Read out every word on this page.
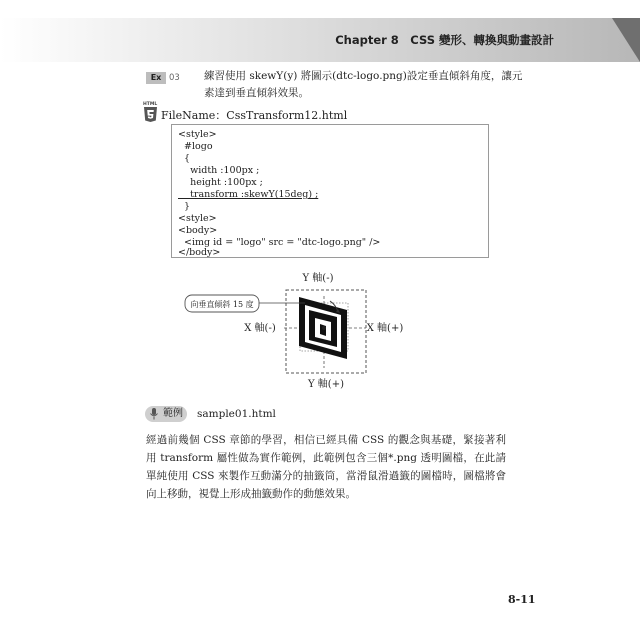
Chapter 8　CSS 變形、轉換與動畫設計
Ex 03 練習使用 skewY(y) 將圖示(dtc-logo.png)設定垂直傾斜角度，讓元素達到垂直傾斜效果。
HTML
FileName：CssTransform12.html
<style>
#logo
{
width :100px ;
height :100px ;
transform :skewY(15deg) ;
}
<style>
<body>
<img id = "logo" src = "dtc-logo.png" />
</body>
向垂直傾斜 15 度
Y 軸(-)
Y 軸(+)
X 軸(-)	X 軸(+)
範例 sample01.html
經過前幾個 CSS 章節的學習，相信已經具備 CSS 的觀念與基礎，緊接著利用 transform 屬性做為實作範例，此範例包含三個*.png 透明圖檔，在此請單純使用 CSS 來製作互動滿分的抽籤筒，當滑鼠滑過籤的圖檔時，圖檔將會向上移動，視覺上形成抽籤動作的動態效果。
8-11
